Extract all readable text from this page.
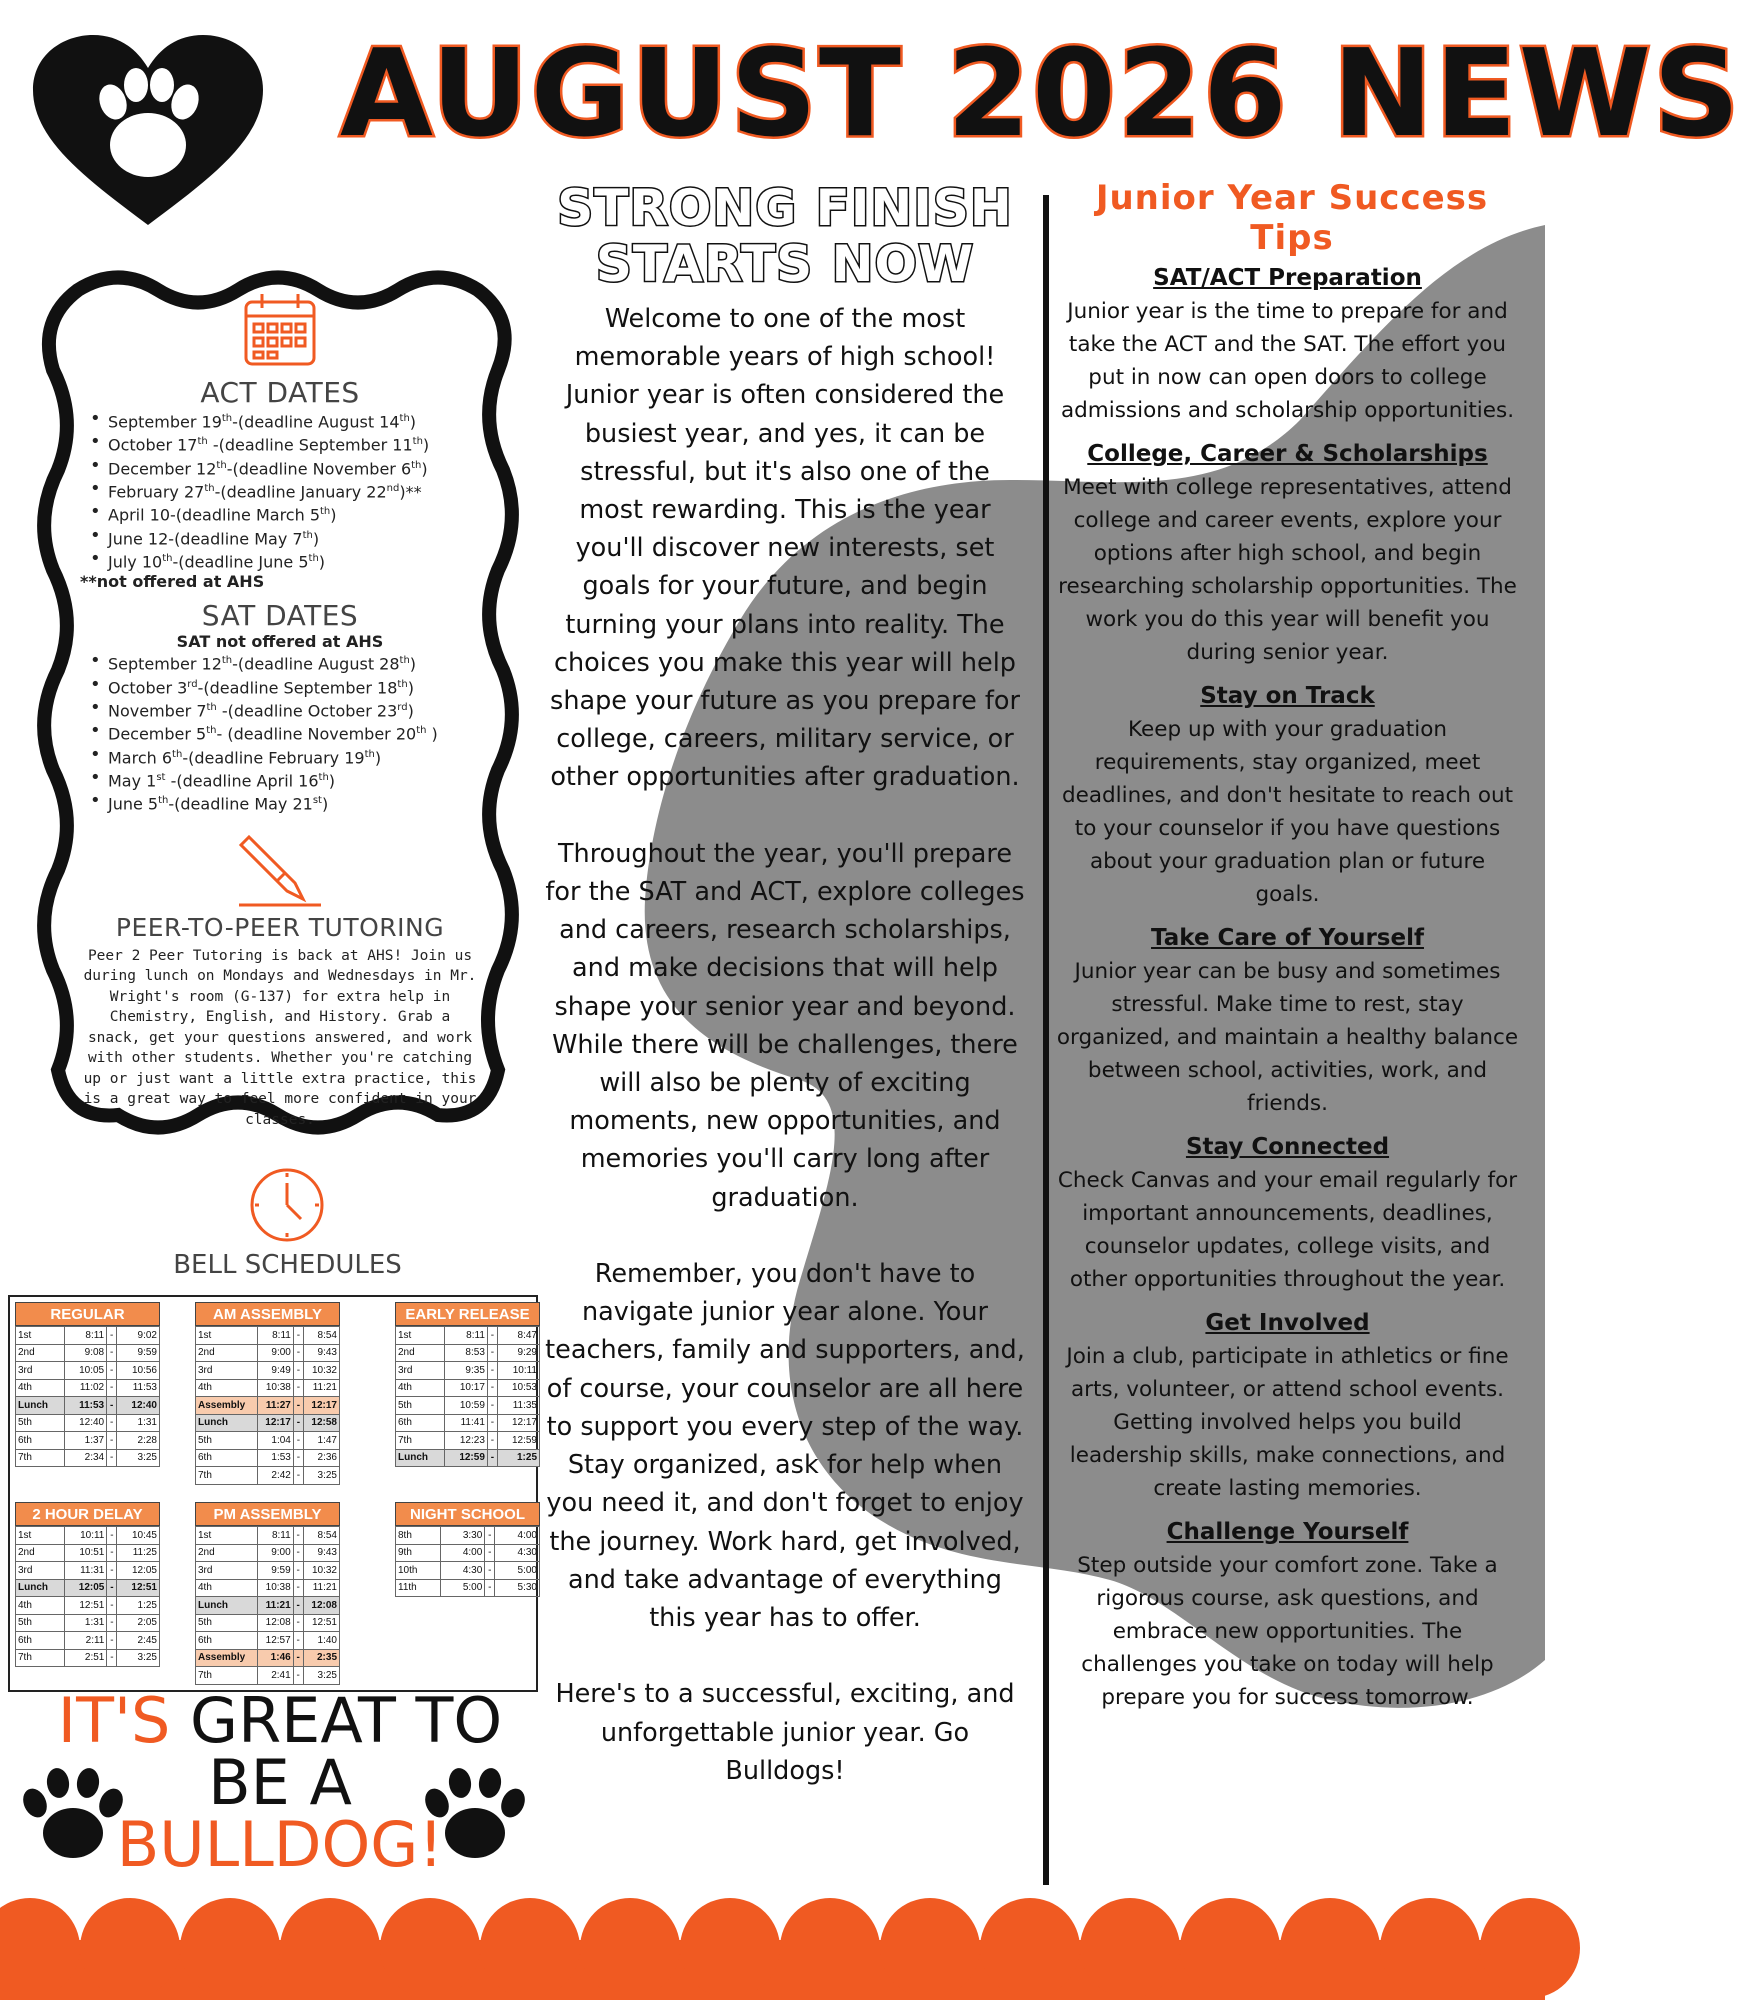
AUGUST 2026 NEWS
ACT DATES
• September 19th-(deadline August 14th)
• October 17th -(deadline September 11th)
• December 12th-(deadline November 6th)
• February 27th-(deadline January 22nd)**
• April 10-(deadline March 5th)
• June 12-(deadline May 7th)
• July 10th-(deadline June 5th)
**not offered at AHS
SAT DATES
SAT not offered at AHS
• September 12th-(deadline August 28th)
• October 3rd-(deadline September 18th)
• November 7th -(deadline October 23rd)
• December 5th- (deadline November 20th )
• March 6th-(deadline February 19th)
• May 1st -(deadline April 16th)
• June 5th-(deadline May 21st)
PEER-TO-PEER TUTORING
Peer 2 Peer Tutoring is back at AHS! Join us during lunch on Mondays and Wednesdays in Mr. Wright's room (G-137) for extra help in Chemistry, English, and History. Grab a snack, get your questions answered, and work with other students. Whether you're catching up or just want a little extra practice, this is a great way to feel more confident in your classes.
BELL SCHEDULES
REGULAR
1st	8:11	-	9:02
2nd	9:08	-	9:59
3rd	10:05	-	10:56
4th	11:02	-	11:53
Lunch	11:53	-	12:40
5th	12:40	-	1:31
6th	1:37	-	2:28
7th	2:34	-	3:25
AM ASSEMBLY
1st	8:11	-	8:54
2nd	9:00	-	9:43
3rd	9:49	-	10:32
4th	10:38	-	11:21
Assembly	11:27	-	12:17
Lunch	12:17	-	12:58
5th	1:04	-	1:47
6th	1:53	-	2:36
7th	2:42	-	3:25
EARLY RELEASE
1st	8:11	-	8:47
2nd	8:53	-	9:29
3rd	9:35	-	10:11
4th	10:17	-	10:53
5th	10:59	-	11:35
6th	11:41	-	12:17
7th	12:23	-	12:59
Lunch	12:59	-	1:25
2 HOUR DELAY
1st	10:11	-	10:45
2nd	10:51	-	11:25
3rd	11:31	-	12:05
Lunch	12:05	-	12:51
4th	12:51	-	1:25
5th	1:31	-	2:05
6th	2:11	-	2:45
7th	2:51	-	3:25
PM ASSEMBLY
1st	8:11	-	8:54
2nd	9:00	-	9:43
3rd	9:59	-	10:32
4th	10:38	-	11:21
Lunch	11:21	-	12:08
5th	12:08	-	12:51
6th	12:57	-	1:40
Assembly	1:46	-	2:35
7th	2:41	-	3:25
NIGHT SCHOOL
8th	3:30	-	4:00
9th	4:00	-	4:30
10th	4:30	-	5:00
11th	5:00	-	5:30
IT'S GREAT TO
BE A
BULLDOG!
STRONG FINISH
STARTS NOW
Welcome to one of the most memorable years of high school! Junior year is often considered the busiest year, and yes, it can be stressful, but it's also one of the most rewarding. This is the year you'll discover new interests, set goals for your future, and begin turning your plans into reality. The choices you make this year will help shape your future as you prepare for college, careers, military service, or other opportunities after graduation.

Throughout the year, you'll prepare for the SAT and ACT, explore colleges and careers, research scholarships, and make decisions that will help shape your senior year and beyond. While there will be challenges, there will also be plenty of exciting moments, new opportunities, and memories you'll carry long after graduation.

Remember, you don't have to navigate junior year alone. Your teachers, family and supporters, and, of course, your counselor are all here to support you every step of the way. Stay organized, ask for help when you need it, and don't forget to enjoy the journey. Work hard, get involved, and take advantage of everything this year has to offer.

Here's to a successful, exciting, and unforgettable junior year. Go Bulldogs!
Junior Year Success Tips
SAT/ACT Preparation
Junior year is the time to prepare for and take the ACT and the SAT. The effort you put in now can open doors to college admissions and scholarship opportunities.
College, Career & Scholarships
Meet with college representatives, attend college and career events, explore your options after high school, and begin researching scholarship opportunities. The work you do this year will benefit you during senior year.
Stay on Track
Keep up with your graduation requirements, stay organized, meet deadlines, and don't hesitate to reach out to your counselor if you have questions about your graduation plan or future goals.
Take Care of Yourself
Junior year can be busy and sometimes stressful. Make time to rest, stay organized, and maintain a healthy balance between school, activities, work, and friends.
Stay Connected
Check Canvas and your email regularly for important announcements, deadlines, counselor updates, college visits, and other opportunities throughout the year.
Get Involved
Join a club, participate in athletics or fine arts, volunteer, or attend school events. Getting involved helps you build leadership skills, make connections, and create lasting memories.
Challenge Yourself
Step outside your comfort zone. Take a rigorous course, ask questions, and embrace new opportunities. The challenges you take on today will help prepare you for success tomorrow.
